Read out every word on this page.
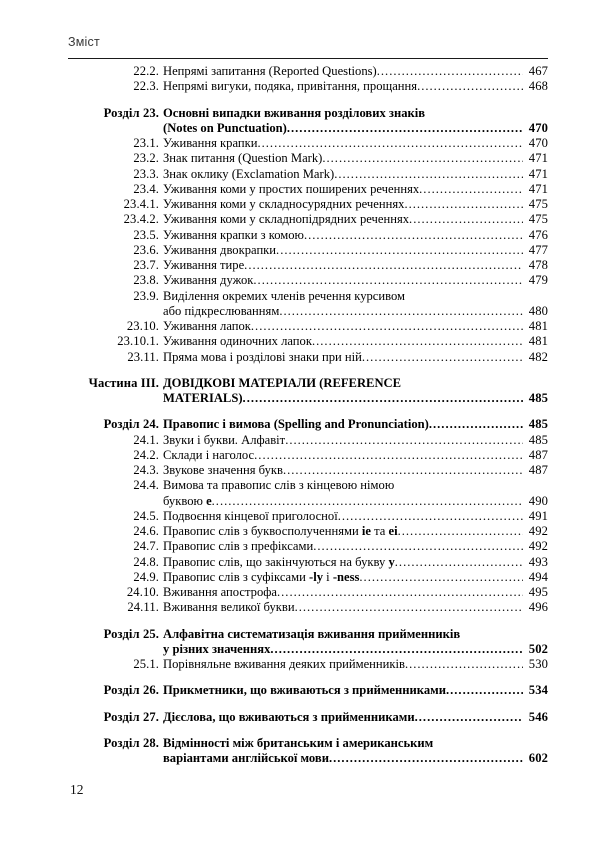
Зміст
22.2. Непрямі запитання (Reported Questions) .....	467
22.3. Непрямі вигуки, подяка, привітання, прощання .....	468
Розділ 23. Основні випадки вживання розділових знаків
(Notes on Punctuation) .....	470
23.1. Уживання крапки .....	470
23.2. Знак питання (Question Mark) .....	471
23.3. Знак оклику (Exclamation Mark) .....	471
23.4. Уживання коми у простих поширених реченнях .....	471
23.4.1. Уживання коми у складносурядних реченнях .....	475
23.4.2. Уживання коми у складнопідрядних реченнях .....	475
23.5. Уживання крапки з комою .....	476
23.6. Уживання двокрапки .....	477
23.7. Уживання тире .....	478
23.8. Уживання дужок .....	479
23.9. Виділення окремих членів речення курсивом
або підкреслюванням .....	480
23.10. Уживання лапок .....	481
23.10.1. Уживання одиночних лапок .....	481
23.11. Пряма мова і розділові знаки при ній .....	482
Частина III. ДОВІДКОВІ МАТЕРІАЛИ (REFERENCE
MATERIALS) .....	485
Розділ 24. Правопис і вимова (Spelling and Pronunciation) .....	485
24.1. Звуки і букви. Алфавіт .....	485
24.2. Склади і наголос .....	487
24.3. Звукове значення букв .....	487
24.4. Вимова та правопис слів з кінцевою німою
буквою e .....	490
24.5. Подвоєння кінцевої приголосної .....	491
24.6. Правопис слів з буквосполученнями ie та ei .....	492
24.7. Правопис слів з префіксами .....	492
24.8. Правопис слів, що закінчуються на букву y .....	493
24.9. Правопис слів з суфіксами -ly і -ness .....	494
24.10. Вживання апострофа .....	495
24.11. Вживання великої букви .....	496
Розділ 25. Алфавітна систематизація вживання прийменників
у різних значеннях .....	502
25.1. Порівняльне вживання деяких прийменників .....	530
Розділ 26. Прикметники, що вживаються з прийменниками .....	534
Розділ 27. Дієслова, що вживаються з прийменниками .....	546
Розділ 28. Відмінності між британським і американським
варіантами англійської мови .....	602
12
